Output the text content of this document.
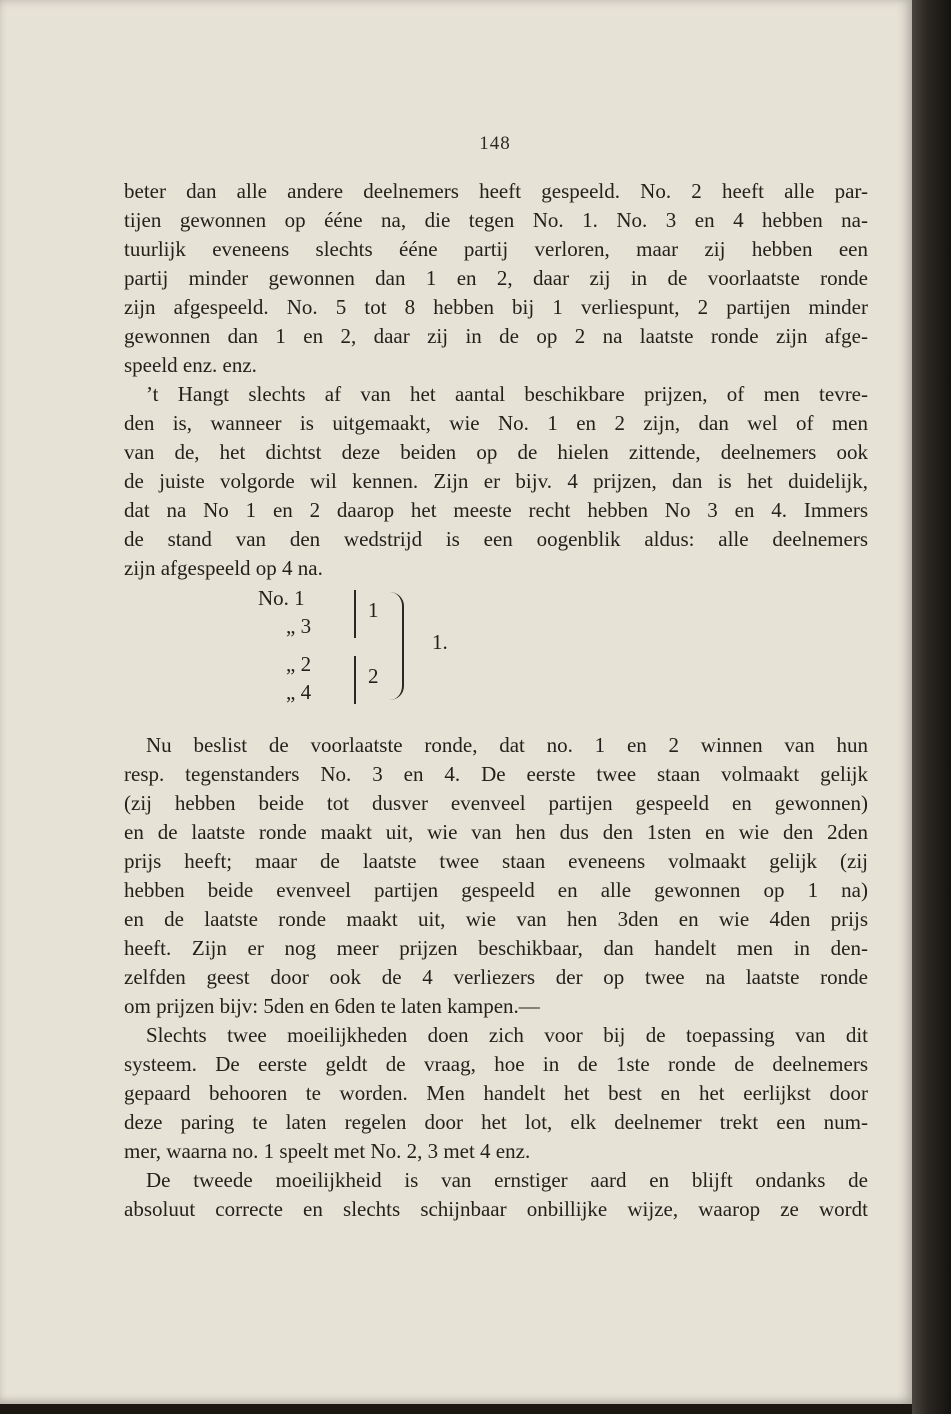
148
beter dan alle andere deelnemers heeft gespeeld. No. 2 heeft alle par-
tijen gewonnen op ééne na, die tegen No. 1. No. 3 en 4 hebben na-
tuurlijk eveneens slechts ééne partij verloren, maar zij hebben een
partij minder gewonnen dan 1 en 2, daar zij in de voorlaatste ronde
zijn afgespeeld. No. 5 tot 8 hebben bij 1 verliespunt, 2 partijen minder
gewonnen dan 1 en 2, daar zij in de op 2 na laatste ronde zijn afge-
speeld enz. enz.
’t Hangt slechts af van het aantal beschikbare prijzen, of men tevre-
den is, wanneer is uitgemaakt, wie No. 1 en 2 zijn, dan wel of men
van de, het dichtst deze beiden op de hielen zittende, deelnemers ook
de juiste volgorde wil kennen. Zijn er bijv. 4 prijzen, dan is het duidelijk,
dat na No 1 en 2 daarop het meeste recht hebben No 3 en 4. Immers
de stand van den wedstrijd is een oogenblik aldus: alle deelnemers
zijn afgespeeld op 4 na.
No. 1
„ 3
„ 2
„ 4
1
2
1.
Nu beslist de voorlaatste ronde, dat no. 1 en 2 winnen van hun
resp. tegenstanders No. 3 en 4. De eerste twee staan volmaakt gelijk
(zij hebben beide tot dusver evenveel partijen gespeeld en gewonnen)
en de laatste ronde maakt uit, wie van hen dus den 1sten en wie den 2den
prijs heeft; maar de laatste twee staan eveneens volmaakt gelijk (zij
hebben beide evenveel partijen gespeeld en alle gewonnen op 1 na)
en de laatste ronde maakt uit, wie van hen 3den en wie 4den prijs
heeft. Zijn er nog meer prijzen beschikbaar, dan handelt men in den-
zelfden geest door ook de 4 verliezers der op twee na laatste ronde
om prijzen bijv: 5den en 6den te laten kampen.—
Slechts twee moeilijkheden doen zich voor bij de toepassing van dit
systeem. De eerste geldt de vraag, hoe in de 1ste ronde de deelnemers
gepaard behooren te worden. Men handelt het best en het eerlijkst door
deze paring te laten regelen door het lot, elk deelnemer trekt een num-
mer, waarna no. 1 speelt met No. 2, 3 met 4 enz.
De tweede moeilijkheid is van ernstiger aard en blijft ondanks de
absoluut correcte en slechts schijnbaar onbillijke wijze, waarop ze wordt
